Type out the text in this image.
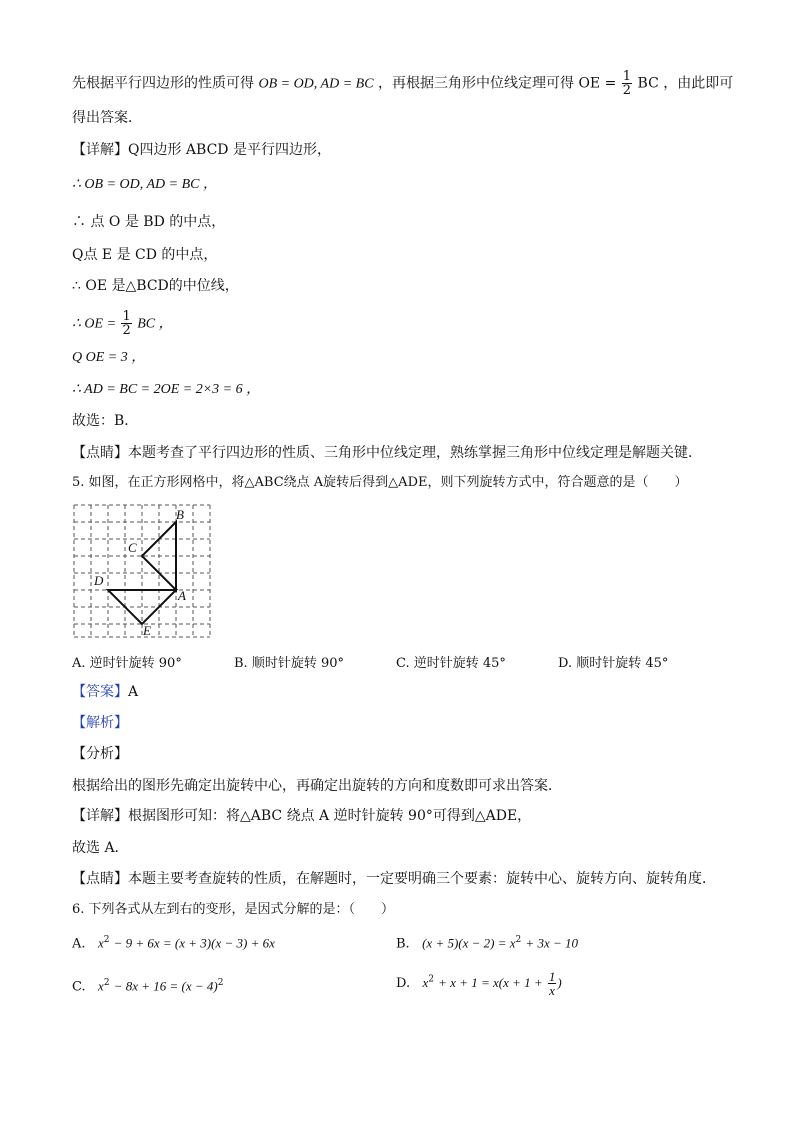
先根据平行四边形的性质可得 OB = OD, AD = BC ，再根据三角形中位线定理可得 OE = $\frac{1}{2}$ BC ，由此即可
得出答案．
【详解】Q四边形 ABCD 是平行四边形，
∴ OB = OD, AD = BC ，
∴ 点 O 是 BD 的中点，
Q点 E 是 CD 的中点，
∴ OE 是△BCD的中位线，
∴ OE = $\frac{1}{2}$ BC ，
Q OE = 3 ，
∴ AD = BC = 2OE = 2×3 = 6 ，
故选：B．
【点睛】本题考查了平行四边形的性质、三角形中位线定理，熟练掌握三角形中位线定理是解题关键．
5. 如图，在正方形网格中，将△ABC绕点 A旋转后得到△ADE，则下列旋转方式中，符合题意的是（　　）
B
C
D
A
E
A. 逆时针旋转 90°	B. 顺时针旋转 90°	C. 逆时针旋转 45°	D. 顺时针旋转 45°
【答案】A
【解析】
【分析】
根据给出的图形先确定出旋转中心，再确定出旋转的方向和度数即可求出答案．
【详解】根据图形可知：将△ABC 绕点 A 逆时针旋转 90°可得到△ADE，
故选 A．
【点睛】本题主要考查旋转的性质，在解题时，一定要明确三个要素：旋转中心、旋转方向、旋转角度．
6. 下列各式从左到右的变形，是因式分解的是：（　　）
A. $x^2 - 9 + 6x = (x + 3)(x - 3) + 6x$	B. $(x + 5)(x - 2) = x^2 + 3x - 10$
C. $x^2 - 8x + 16 = (x - 4)^2$	D. $x^2 + x + 1 = x(x + 1 + \frac{1}{x}$ )
